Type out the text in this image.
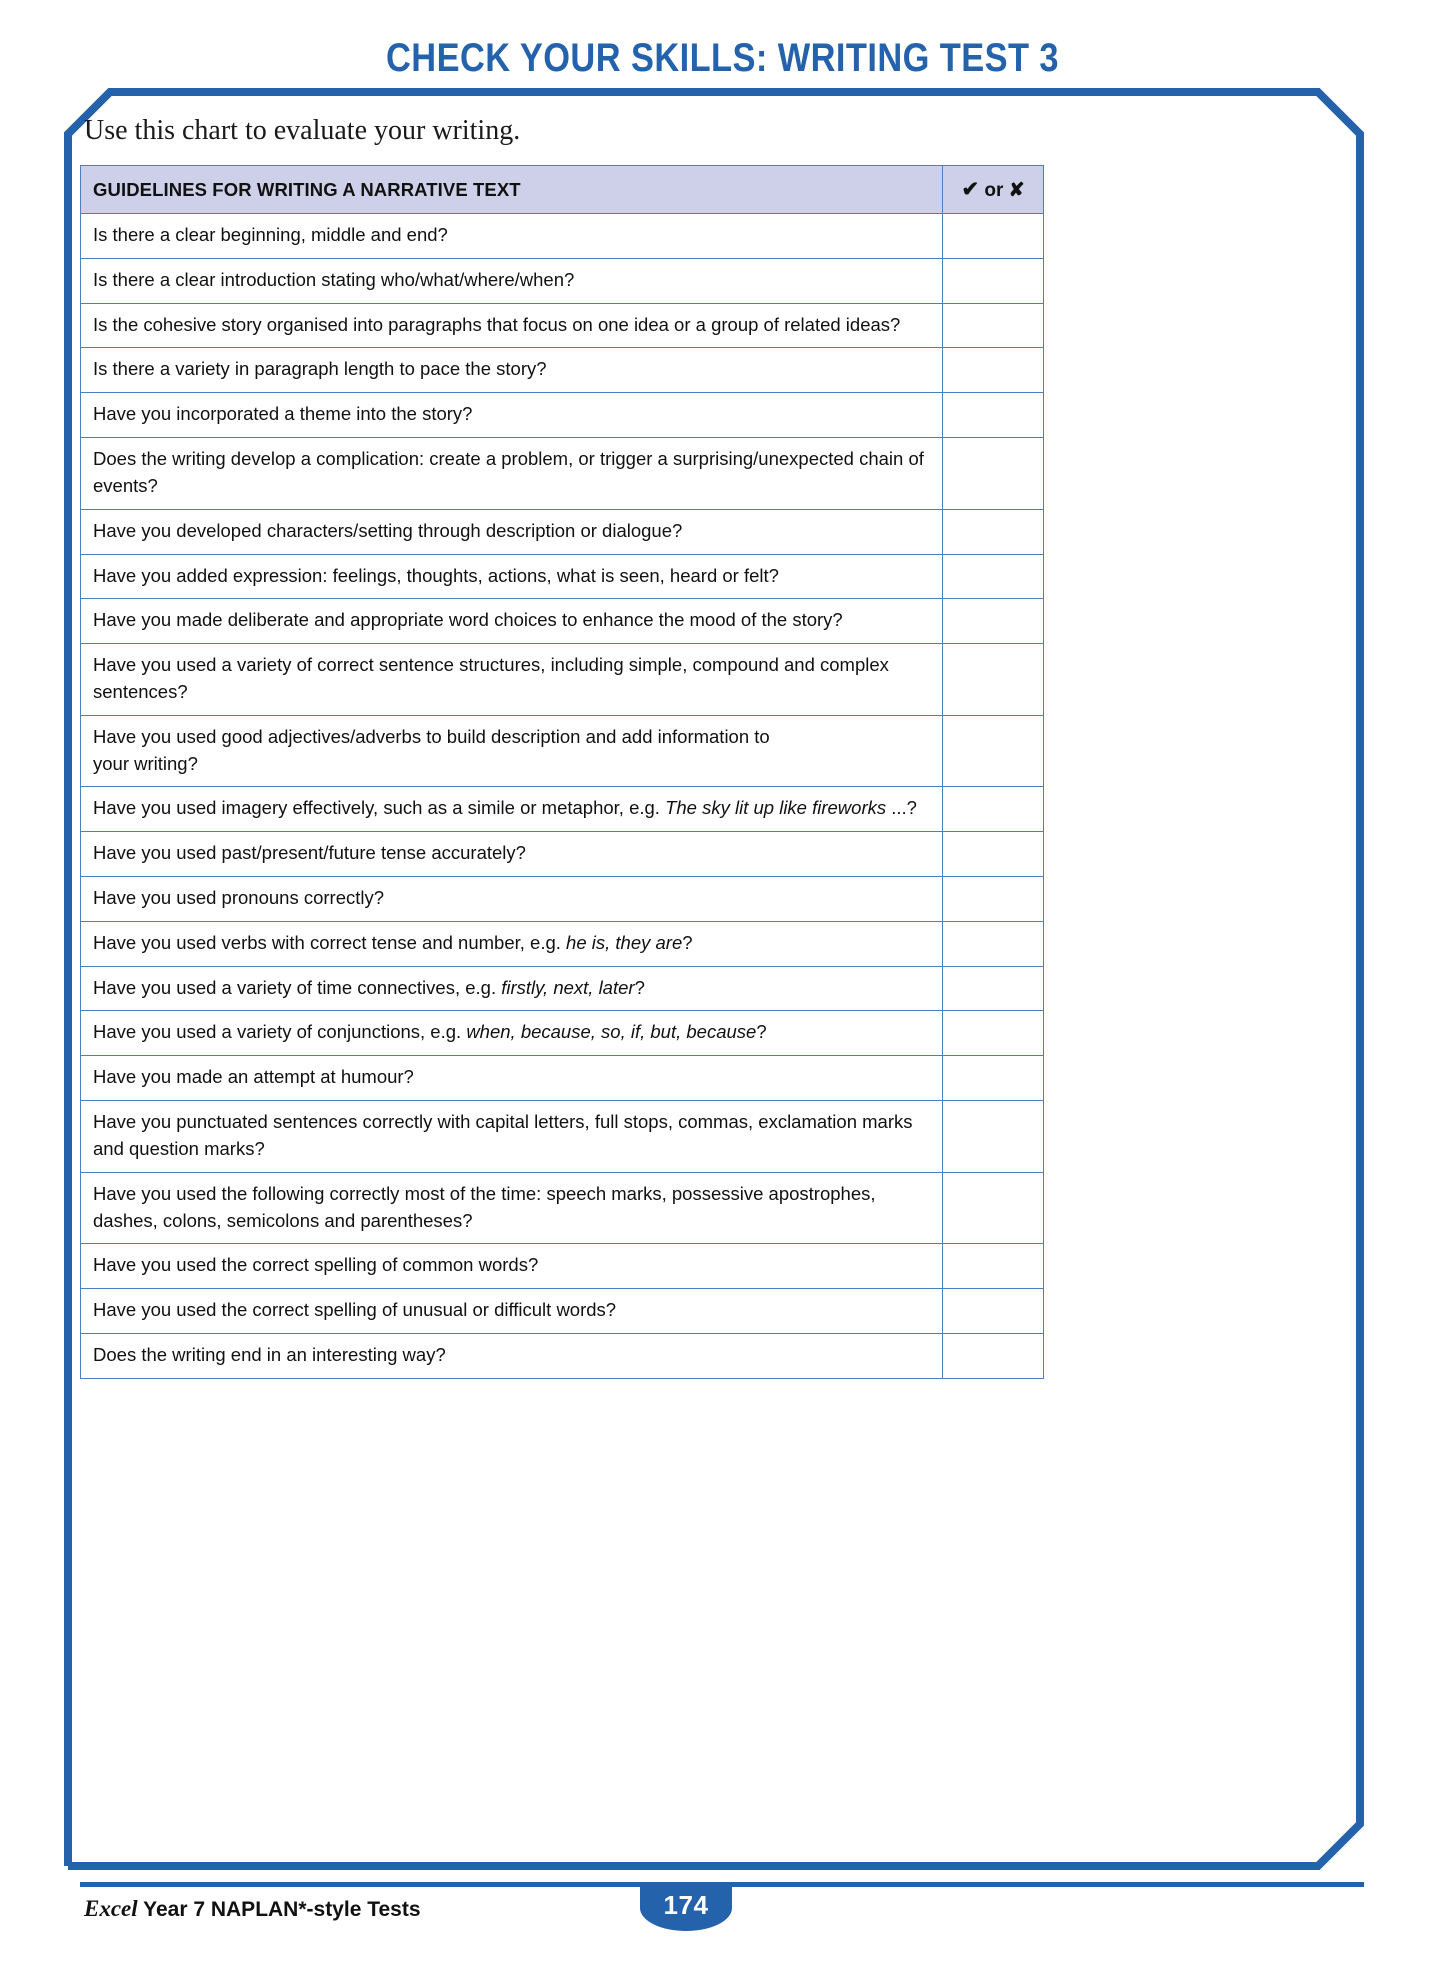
CHECK YOUR SKILLS: WRITING TEST 3
Use this chart to evaluate your writing.
GUIDELINES FOR WRITING A NARRATIVE TEXT	✔ or ✘
Is there a clear beginning, middle and end?	
Is there a clear introduction stating who/what/where/when?	
Is the cohesive story organised into paragraphs that focus on one idea or a group of related ideas?	
Is there a variety in paragraph length to pace the story?	
Have you incorporated a theme into the story?	
Does the writing develop a complication: create a problem, or trigger a surprising/unexpected chain of events?	
Have you developed characters/setting through description or dialogue?	
Have you added expression: feelings, thoughts, actions, what is seen, heard or felt?	
Have you made deliberate and appropriate word choices to enhance the mood of the story?	
Have you used a variety of correct sentence structures, including simple, compound and complex sentences?	
Have you used good adjectives/adverbs to build description and add information to
your writing?	
Have you used imagery effectively, such as a simile or metaphor, e.g. The sky lit up like fireworks ...?	
Have you used past/present/future tense accurately?	
Have you used pronouns correctly?	
Have you used verbs with correct tense and number, e.g. he is, they are?	
Have you used a variety of time connectives, e.g. firstly, next, later?	
Have you used a variety of conjunctions, e.g. when, because, so, if, but, because?	
Have you made an attempt at humour?	
Have you punctuated sentences correctly with capital letters, full stops, commas, exclamation marks and question marks?	
Have you used the following correctly most of the time: speech marks, possessive apostrophes, dashes, colons, semicolons and parentheses?	
Have you used the correct spelling of common words?	
Have you used the correct spelling of unusual or difficult words?	
Does the writing end in an interesting way?	
Excel Year 7 NAPLAN*-style Tests	174
